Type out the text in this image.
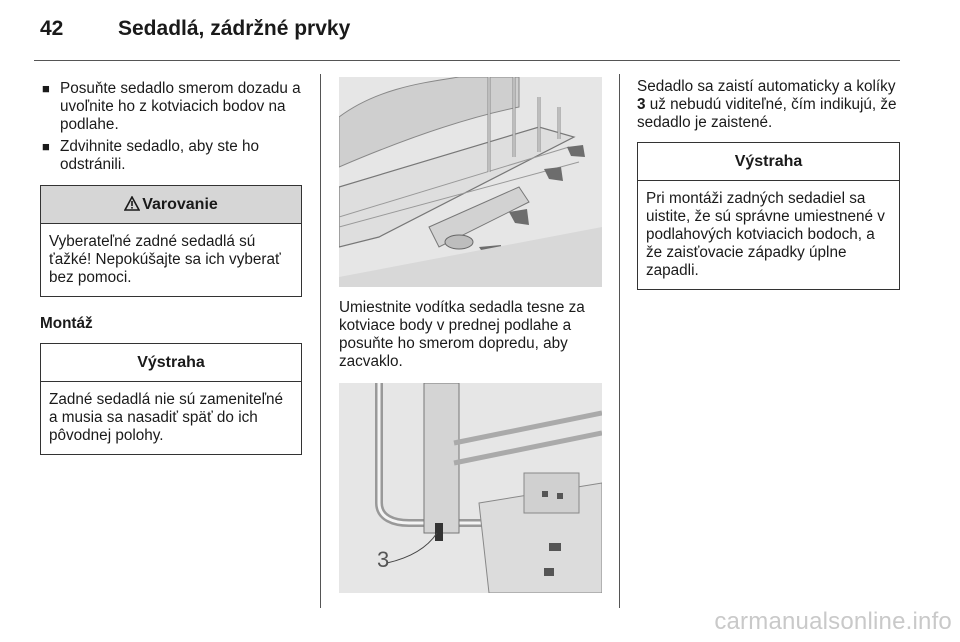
42	Sedadlá, zádržné prvky
■ Posuňte sedadlo smerom dozadu a uvoľnite ho z kotviacich bodov na podlahe.
■ Zdvihnite sedadlo, aby ste ho odstránili.
Varovanie
Vyberateľné zadné sedadlá sú ťažké! Nepokúšajte sa ich vyberať bez pomoci.
Montáž
Výstraha
Zadné sedadlá nie sú zameniteľné a musia sa nasadiť späť do ich pôvodnej polohy.
Umiestnite vodítka sedadla tesne za kotviace body v prednej podlahe a posuňte ho smerom dopredu, aby zacvaklo.
3
Sedadlo sa zaistí automaticky a kolíky 3 už nebudú viditeľné, čím indikujú, že sedadlo je zaistené.
Výstraha
Pri montáži zadných sedadiel sa uistite, že sú správne umiestnené v podlahových kotviacich bodoch, a že zaisťovacie západky úplne zapadli.
carmanualsonline.info
